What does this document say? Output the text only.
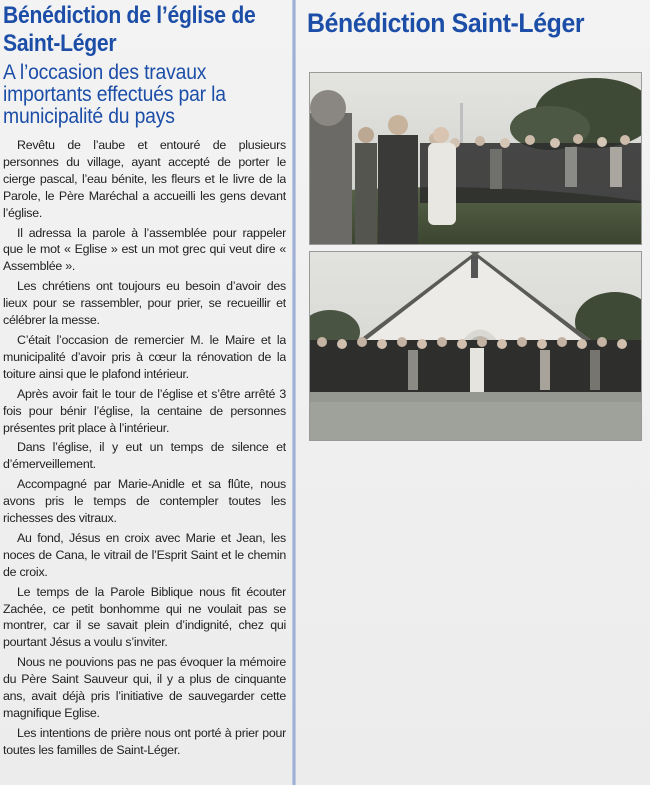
Bénédiction de l’église de Saint-Léger
A l’occasion des travaux importants effectués par la municipalité du pays

Revêtu de l’aube et entouré de plusieurs personnes du village, ayant accepté de porter le cierge pascal, l’eau bénite, les fleurs et le livre de la Parole, le Père Maréchal a accueilli les gens devant l’église.

Il adressa la parole à l’assemblée pour rappeler que le mot « Eglise » est un mot grec qui veut dire « Assemblée ».

Les chrétiens ont toujours eu besoin d’avoir des lieux pour se rassembler, pour prier, se recueillir et célébrer la messe.

C’était l’occasion de remercier M. le Maire et la municipalité d’avoir pris à cœur la rénovation de la toiture ainsi que le plafond intérieur.

Après avoir fait le tour de l’église et s’être arrêté 3 fois pour bénir l’église, la centaine de personnes présentes prit place à l’intérieur.

Dans l’église, il y eut un temps de silence et d’émerveillement.

Accompagné par Marie-Anidle et sa flûte, nous avons pris le temps de contempler toutes les richesses des vitraux.

Au fond, Jésus en croix avec Marie et Jean, les noces de Cana, le vitrail de l’Esprit Saint et le chemin de croix.

Le temps de la Parole Biblique nous fit écouter Zachée, ce petit bonhomme qui ne voulait pas se montrer, car il se savait plein d’indignité, chez qui pourtant Jésus a voulu s’inviter.

Nous ne pouvions pas ne pas évoquer la mémoire du Père Saint Sauveur qui, il y a plus de cinquante ans, avait déjà pris l’initiative de sauvegarder cette magnifique Eglise.

Les intentions de prière nous ont porté à prier pour toutes les familles de Saint-Léger.

Bénédiction Saint-Léger
